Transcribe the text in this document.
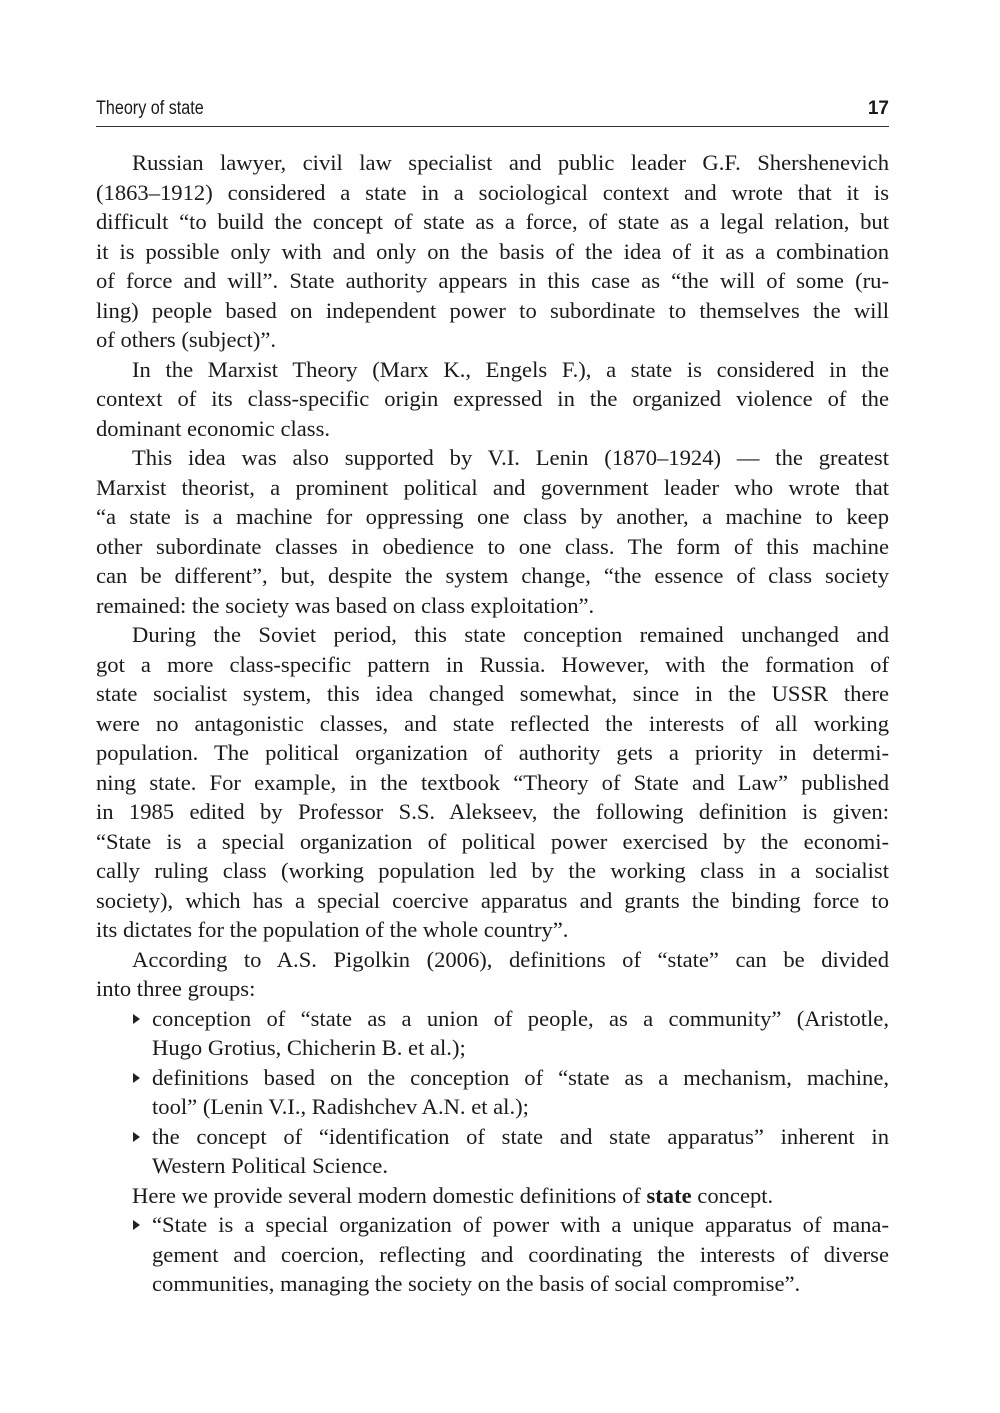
Theory of state	17
Russian lawyer, civil law specialist and public leader G.F. Shershenevich
(1863–1912) considered a state in a sociological context and wrote that it is
difficult “to build the concept of state as a force, of state as a legal relation, but
it is possible only with and only on the basis of the idea of it as a combination
of force and will”. State authority appears in this case as “the will of some (ru-
ling) people based on independent power to subordinate to themselves the will
of others (subject)”.
In the Marxist Theory (Marx K., Engels F.), a state is considered in the
context of its class-specific origin expressed in the organized violence of the
dominant economic class.
This idea was also supported by V.I. Lenin (1870–1924) — the greatest
Marxist theorist, a prominent political and government leader who wrote that
“a state is a machine for oppressing one class by another, a machine to keep
other subordinate classes in obedience to one class. The form of this machine
can be different”, but, despite the system change, “the essence of class society
remained: the society was based on class exploitation”.
During the Soviet period, this state conception remained unchanged and
got a more class-specific pattern in Russia. However, with the formation of
state socialist system, this idea changed somewhat, since in the USSR there
were no antagonistic classes, and state reflected the interests of all working
population. The political organization of authority gets a priority in determi-
ning state. For example, in the textbook “Theory of State and Law” published
in 1985 edited by Professor S.S. Alekseev, the following definition is given:
“State is a special organization of political power exercised by the economi-
cally ruling class (working population led by the working class in a socialist
society), which has a special coercive apparatus and grants the binding force to
its dictates for the population of the whole country”.
According to A.S. Pigolkin (2006), definitions of “state” can be divided
into three groups:
conception of “state as a union of people, as a community” (Aristotle,
Hugo Grotius, Chicherin B. et al.);
definitions based on the conception of “state as a mechanism, machine,
tool” (Lenin V.I., Radishchev A.N. et al.);
the concept of “identification of state and state apparatus” inherent in
Western Political Science.
Here we provide several modern domestic definitions of state concept.
“State is a special organization of power with a unique apparatus of mana-
gement and coercion, reflecting and coordinating the interests of diverse
communities, managing the society on the basis of social compromise”.
